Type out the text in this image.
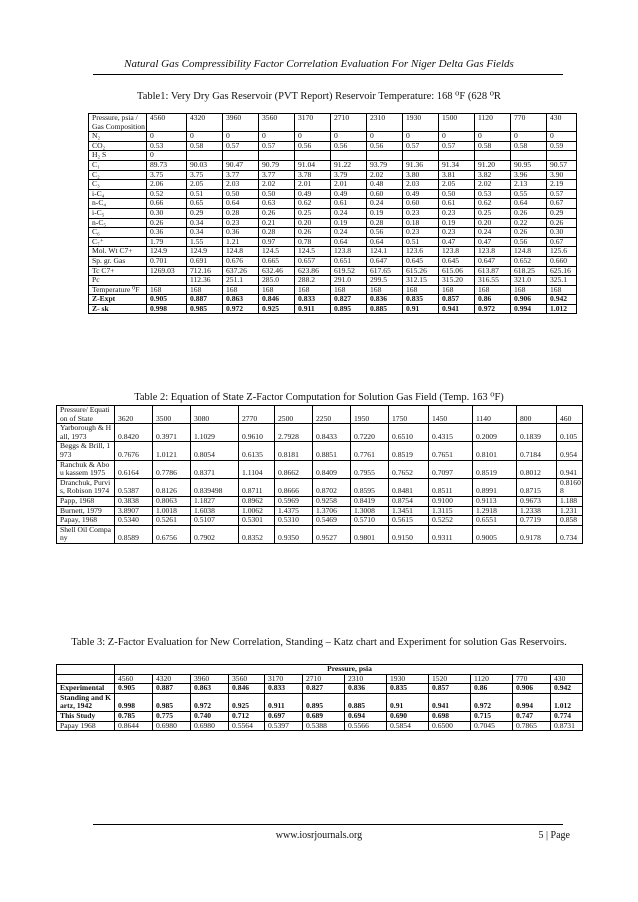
Natural Gas Compressibility Factor Correlation Evaluation For Niger Delta Gas Fields
Table1: Very Dry Gas Reservoir (PVT Report) Reservoir Temperature: 168 ⁰F (628 ⁰R
Pressure, psia / Gas Composition	4560	4320	3960	3560	3170	2710	2310	1930	1500	1120	770	430
N₂	0	0	0	0	0	0	0	0	0	0	0	0
CO₂	0.53	0.58	0.57	0.57	0.56	0.56	0.56	0.57	0.57	0.58	0.58	0.59
H₂ S	0											
C₁	89.73	90.03	90.47	90.79	91.04	91.22	93.79	91.36	91.34	91.20	90.95	90.57
C₂	3.75	3.75	3.77	3.77	3.78	3.79	2.02	3.80	3.81	3.82	3.96	3.90
C₃	2.06	2.05	2.03	2.02	2.01	2.01	0.48	2.03	2.05	2.02	2.13	2.19
i-C₄	0.52	0.51	0.50	0.50	0.49	0.49	0.60	0.49	0.50	0.53	0.55	0.57
n-C₄	0.66	0.65	0.64	0.63	0.62	0.61	0.24	0.60	0.61	0.62	0.64	0.67
i-C₅	0.30	0.29	0.28	0.26	0.25	0.24	0.19	0.23	0.23	0.25	0.26	0.29
n-C₅	0.26	0.34	0.23	0.21	0.20	0.19	0.28	0.18	0.19	0.20	0.22	0.26
C₆	0.36	0.34	0.36	0.28	0.26	0.24	0.56	0.23	0.23	0.24	0.26	0.30
C₇⁺	1.79	1.55	1.21	0.97	0.78	0.64	0.64	0.51	0.47	0.47	0.56	0.67
Mol. Wt C7+	124.9	124.9	124.8	124.5	124.5	123.8	124.1	123.6	123.8	123.8	124.8	125.6
Sp. gr. Gas	0.701	0.691	0.676	0.665	0.657	0.651	0.647	0.645	0.645	0.647	0.652	0.660
Tc C7+	1269.03	712.16	637.26	632.46	623.86	619.52	617.65	615.26	615.06	613.87	618.25	625.16
Pc		112.36	251.1	285.0	288.2	291.0	299.5	312.15	315.20	316.55	321.0	325.1
Temperature ⁰F	168	168	168	168	168	168	168	168	168	168	168	168
Z-Expt	0.905	0.887	0.863	0.846	0.833	0.827	0.836	0.835	0.857	0.86	0.906	0.942
Z- sk	0.998	0.985	0.972	0.925	0.911	0.895	0.885	0.91	0.941	0.972	0.994	1.012
Table 2: Equation of State Z-Factor Computation for Solution Gas Field (Temp. 163 ⁰F)
Pressure/ Equation of State	3620	3500	3080	2770	2500	2250	1950	1750	1450	1140	800	460
Yarborough & Hall, 1973	0.8420	0.3971	1.1029	0.9610	2.7928	0.8433	0.7220	0.6510	0.4315	0.2009	0.1839	0.105
Beggs & Brill, 1973	0.7676	1.0121	0.8054	0.6135	0.8181	0.8851	0.7761	0.8519	0.7651	0.8101	0.7184	0.954
Ranchuk & Abou kassem 1975	0.6164	0.7786	0.8371	1.1104	0.8662	0.8409	0.7955	0.7652	0.7097	0.8519	0.8012	0.941
Dranchuk, Purvis, Robison 1974	0.5387	0.8126	0.839498	0.8711	0.8666	0.8702	0.8595	0.8481	0.8511	0.8991	0.8715	0.81608
Papp, 1968	0.3838	0.8063	1.1827	0.8962	0.5969	0.9258	0.8419	0.8754	0.9100	0.9113	0.9673	1.188
Burnett, 1979	3.8907	1.0018	1.6038	1.0062	1.4375	1.3706	1.3008	1.3451	1.3115	1.2918	1.2338	1.231
Papay, 1968	0.5340	0.5261	0.5107	0.5301	0.5310	0.5469	0.5710	0.5615	0.5252	0.6551	0.7719	0.858
Shell Oil Company	0.8589	0.6756	0.7902	0.8352	0.9350	0.9527	0.9801	0.9150	0.9311	0.9005	0.9178	0.734
Table 3: Z-Factor Evaluation for New Correlation, Standing – Katz chart and Experiment for solution Gas Reservoirs.
	Pressure, psia											
	4560	4320	3960	3560	3170	2710	2310	1930	1520	1120	770	430
Experimental	0.905	0.887	0.863	0.846	0.833	0.827	0.836	0.835	0.857	0.86	0.906	0.942
Standing and Kartz, 1942	0.998	0.985	0.972	0.925	0.911	0.895	0.885	0.91	0.941	0.972	0.994	1.012
This Study	0.785	0.775	0.740	0.712	0.697	0.689	0.694	0.690	0.698	0.715	0.747	0.774
Papay 1968	0.8644	0.6980	0.6980	0.5564	0.5397	0.5388	0.5566	0.5854	0.6500	0.7045	0.7865	0.8731
www.iosrjournals.org	5 | Page
